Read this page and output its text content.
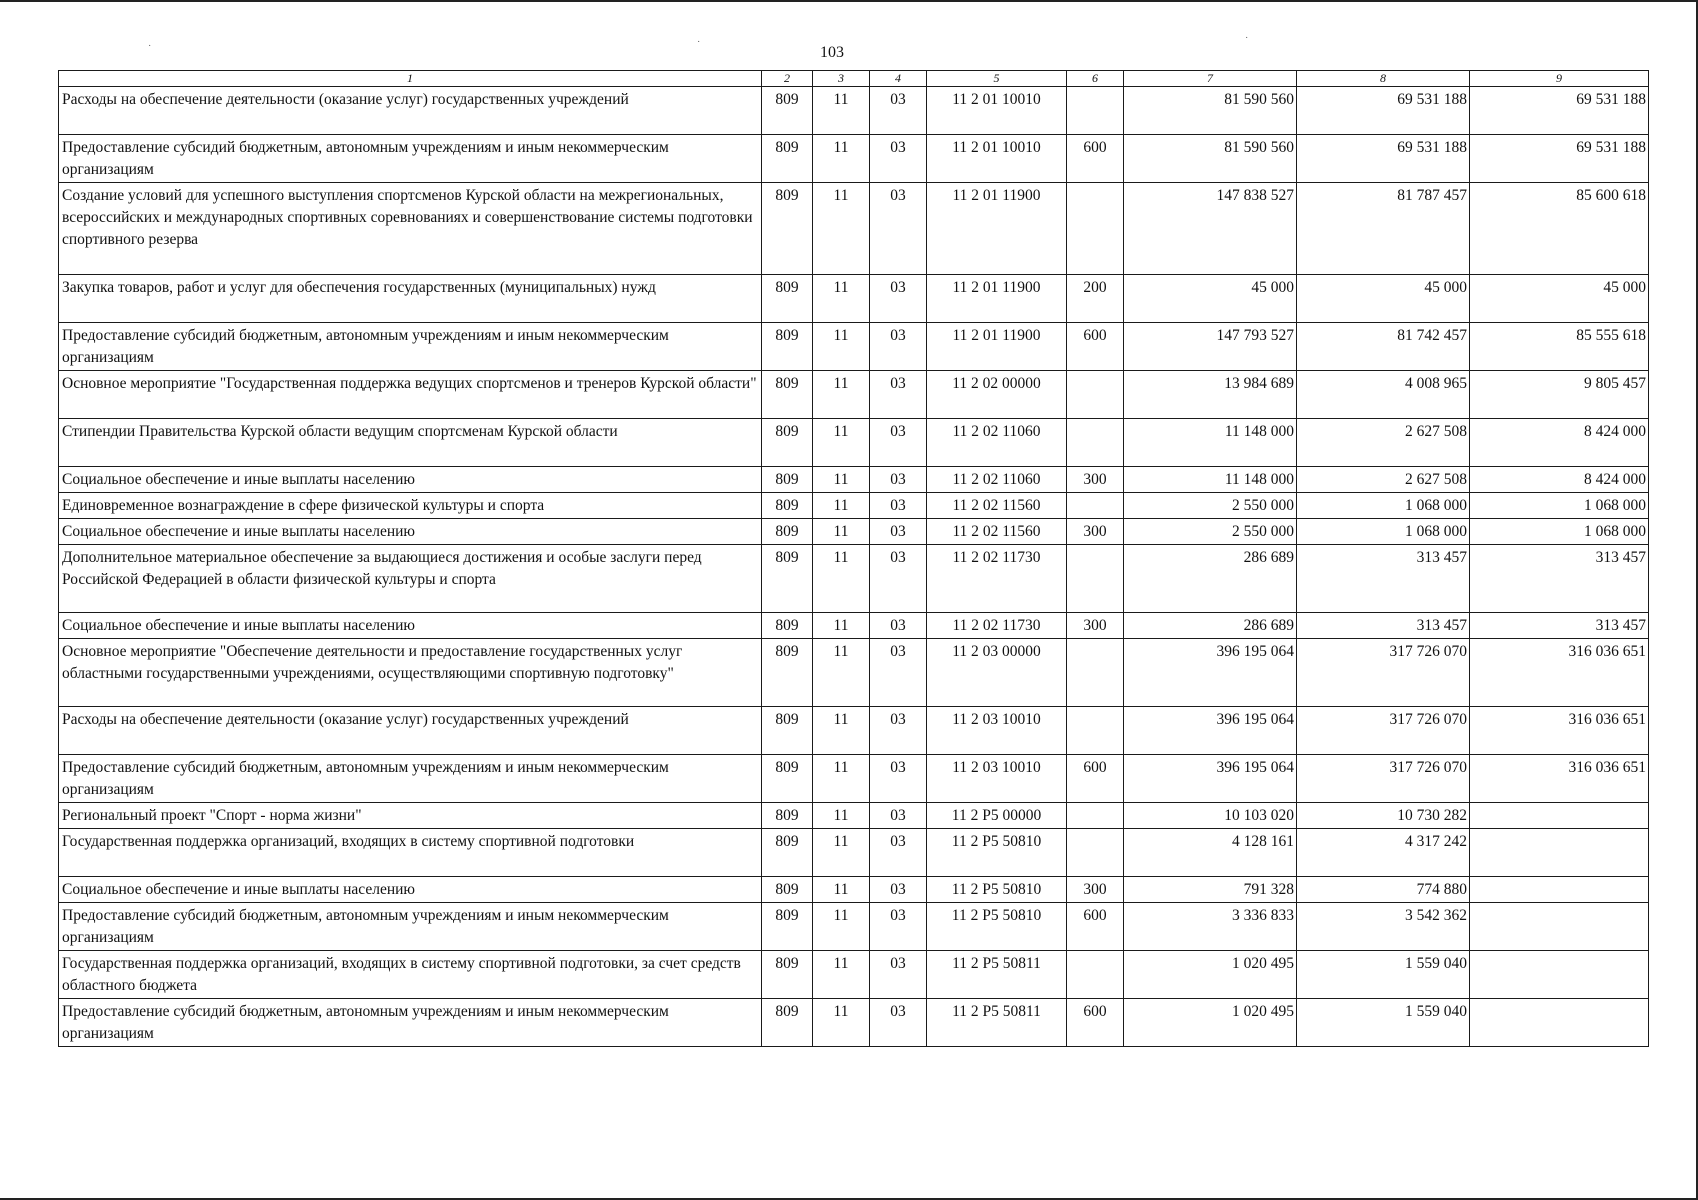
˙	˙	˙
103
1	2	3	4	5	6	7	8	9
Расходы на обеспечение деятельности (оказание услуг) государственных учреждений	809	11	03	11 2 01 10010		81 590 560	69 531 188	69 531 188
Предоставление субсидий бюджетным, автономным учреждениям и иным некоммерческим организациям	809	11	03	11 2 01 10010	600	81 590 560	69 531 188	69 531 188
Создание условий для успешного выступления спортсменов Курской области на межрегиональных, всероссийских и международных спортивных соревнованиях и совершенствование системы подготовки спортивного резерва	809	11	03	11 2 01 11900		147 838 527	81 787 457	85 600 618
Закупка товаров, работ и услуг для обеспечения государственных (муниципальных) нужд	809	11	03	11 2 01 11900	200	45 000	45 000	45 000
Предоставление субсидий бюджетным, автономным учреждениям и иным некоммерческим организациям	809	11	03	11 2 01 11900	600	147 793 527	81 742 457	85 555 618
Основное мероприятие "Государственная поддержка ведущих спортсменов и тренеров Курской области"	809	11	03	11 2 02 00000		13 984 689	4 008 965	9 805 457
Стипендии Правительства Курской области ведущим спортсменам Курской области	809	11	03	11 2 02 11060		11 148 000	2 627 508	8 424 000
Социальное обеспечение и иные выплаты населению	809	11	03	11 2 02 11060	300	11 148 000	2 627 508	8 424 000
Единовременное вознаграждение в сфере физической культуры и спорта	809	11	03	11 2 02 11560		2 550 000	1 068 000	1 068 000
Социальное обеспечение и иные выплаты населению	809	11	03	11 2 02 11560	300	2 550 000	1 068 000	1 068 000
Дополнительное материальное обеспечение за выдающиеся достижения и особые заслуги перед Российской Федерацией в области физической культуры и спорта	809	11	03	11 2 02 11730		286 689	313 457	313 457
Социальное обеспечение и иные выплаты населению	809	11	03	11 2 02 11730	300	286 689	313 457	313 457
Основное мероприятие "Обеспечение деятельности и предоставление государственных услуг областными государственными учреждениями, осуществляющими спортивную подготовку"	809	11	03	11 2 03 00000		396 195 064	317 726 070	316 036 651
Расходы на обеспечение деятельности (оказание услуг) государственных учреждений	809	11	03	11 2 03 10010		396 195 064	317 726 070	316 036 651
Предоставление субсидий бюджетным, автономным учреждениям и иным некоммерческим организациям	809	11	03	11 2 03 10010	600	396 195 064	317 726 070	316 036 651
Региональный проект "Спорт - норма жизни"	809	11	03	11 2 P5 00000		10 103 020	10 730 282	
Государственная поддержка организаций, входящих в систему спортивной подготовки	809	11	03	11 2 P5 50810		4 128 161	4 317 242	
Социальное обеспечение и иные выплаты населению	809	11	03	11 2 P5 50810	300	791 328	774 880	
Предоставление субсидий бюджетным, автономным учреждениям и иным некоммерческим организациям	809	11	03	11 2 P5 50810	600	3 336 833	3 542 362	
Государственная поддержка организаций, входящих в систему спортивной подготовки, за счет средств областного бюджета	809	11	03	11 2 P5 50811		1 020 495	1 559 040	
Предоставление субсидий бюджетным, автономным учреждениям и иным некоммерческим организациям	809	11	03	11 2 P5 50811	600	1 020 495	1 559 040	
